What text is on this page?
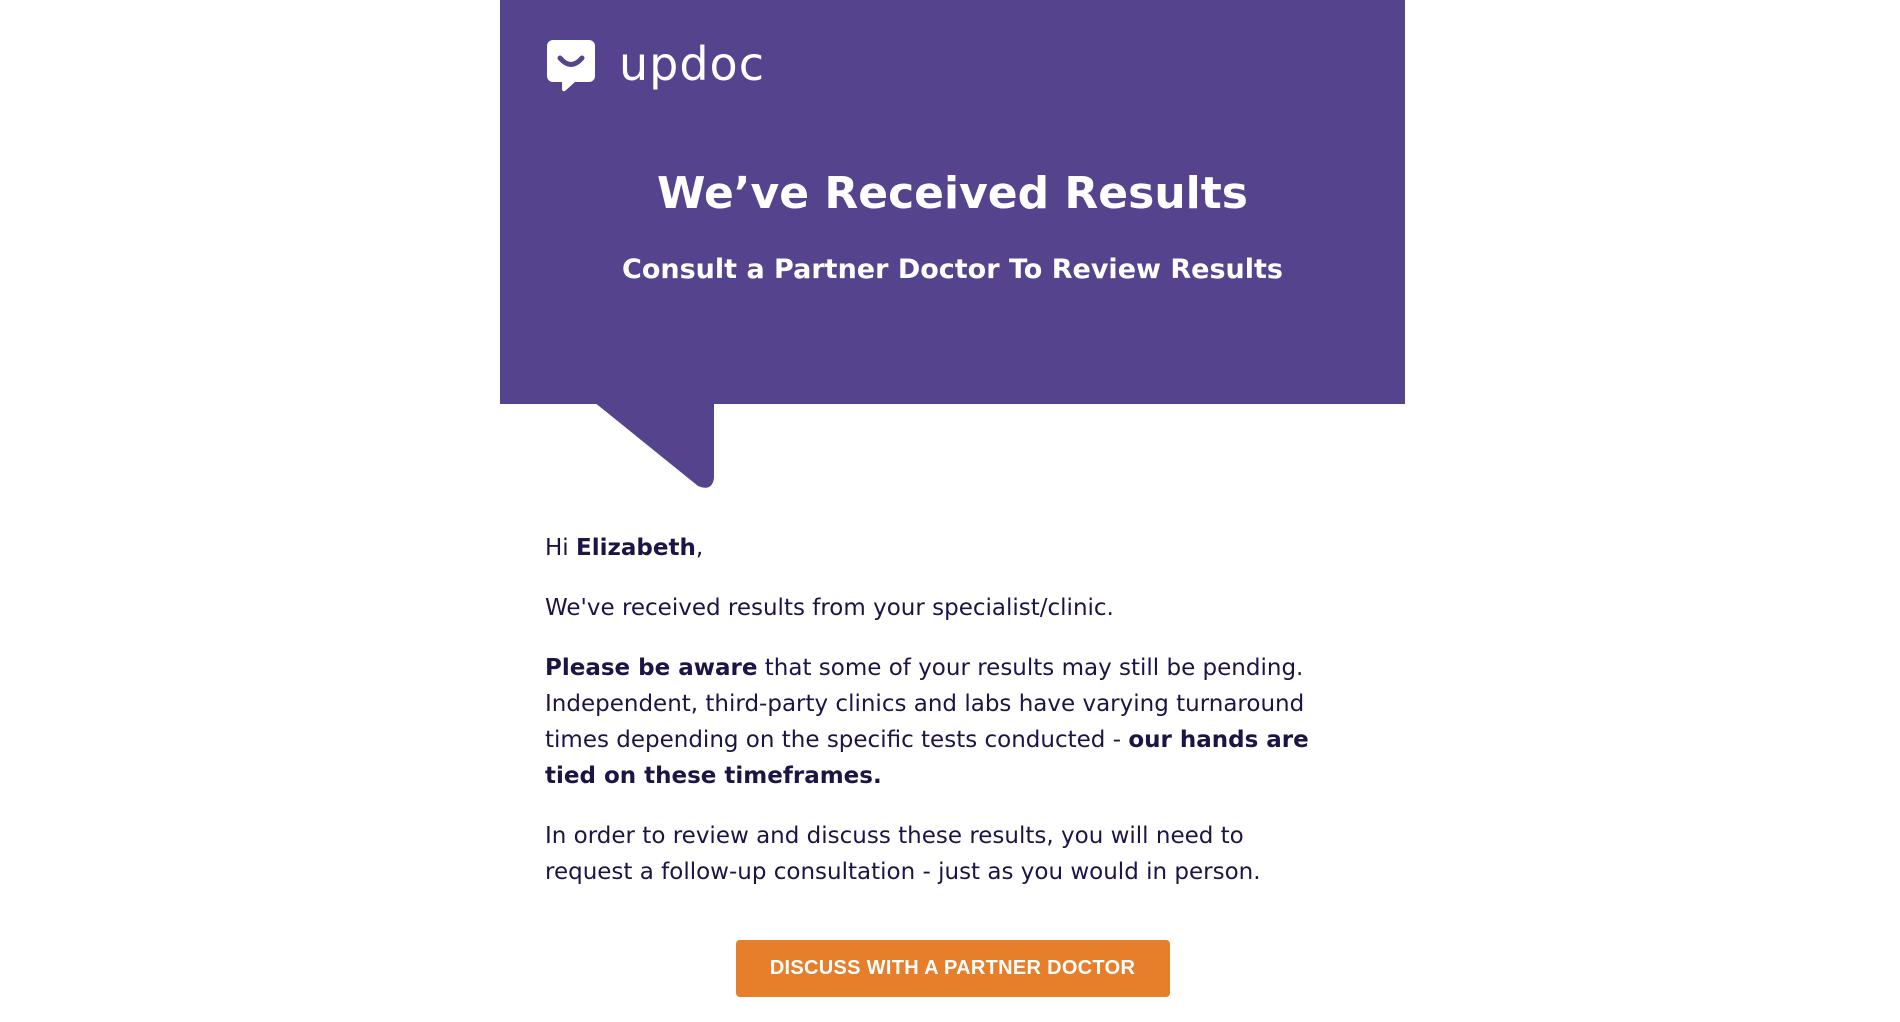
updoc
We’ve Received Results
Consult a Partner Doctor To Review Results

Hi Elizabeth,

We've received results from your specialist/clinic.

Please be aware that some of your results may still be pending. Independent, third-party clinics and labs have varying turnaround times depending on the specific tests conducted - our hands are tied on these timeframes.

In order to review and discuss these results, you will need to request a follow-up consultation - just as you would in person.

DISCUSS WITH A PARTNER DOCTOR
